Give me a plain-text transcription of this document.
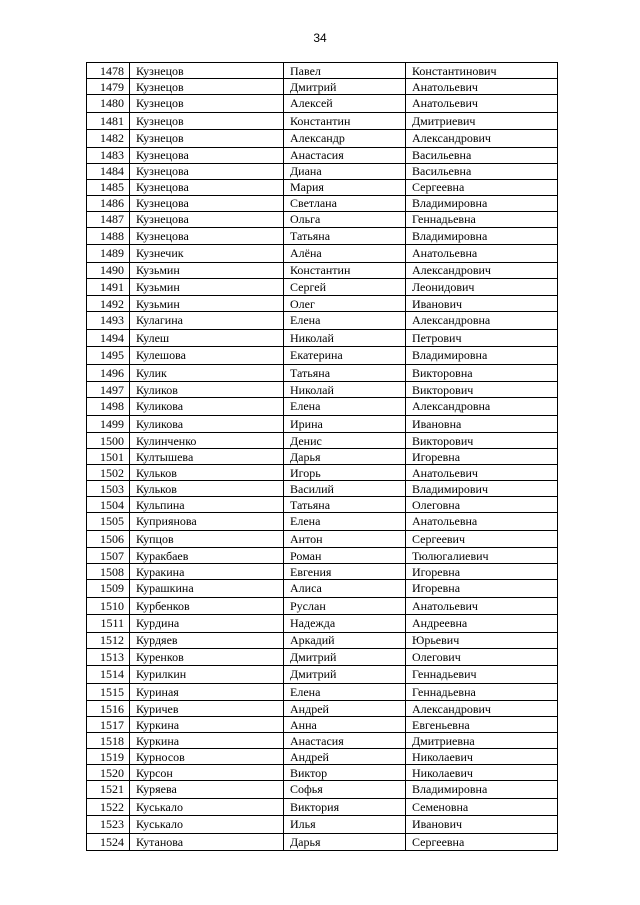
34
1478	Кузнецов	Павел	Константинович
1479	Кузнецов	Дмитрий	Анатольевич
1480	Кузнецов	Алексей	Анатольевич
1481	Кузнецов	Константин	Дмитриевич
1482	Кузнецов	Александр	Александрович
1483	Кузнецова	Анастасия	Васильевна
1484	Кузнецова	Диана	Васильевна
1485	Кузнецова	Мария	Сергеевна
1486	Кузнецова	Светлана	Владимировна
1487	Кузнецова	Ольга	Геннадьевна
1488	Кузнецова	Татьяна	Владимировна
1489	Кузнечик	Алёна	Анатольевна
1490	Кузьмин	Константин	Александрович
1491	Кузьмин	Сергей	Леонидович
1492	Кузьмин	Олег	Иванович
1493	Кулагина	Елена	Александровна
1494	Кулеш	Николай	Петрович
1495	Кулешова	Екатерина	Владимировна
1496	Кулик	Татьяна	Викторовна
1497	Куликов	Николай	Викторович
1498	Куликова	Елена	Александровна
1499	Куликова	Ирина	Ивановна
1500	Кулинченко	Денис	Викторович
1501	Култышева	Дарья	Игоревна
1502	Кульков	Игорь	Анатольевич
1503	Кульков	Василий	Владимирович
1504	Кульпина	Татьяна	Олеговна
1505	Куприянова	Елена	Анатольевна
1506	Купцов	Антон	Сергеевич
1507	Куракбаев	Роман	Тюлюгалиевич
1508	Куракина	Евгения	Игоревна
1509	Курашкина	Алиса	Игоревна
1510	Курбенков	Руслан	Анатольевич
1511	Курдина	Надежда	Андреевна
1512	Курдяев	Аркадий	Юрьевич
1513	Куренков	Дмитрий	Олегович
1514	Курилкин	Дмитрий	Геннадьевич
1515	Куриная	Елена	Геннадьевна
1516	Куричев	Андрей	Александрович
1517	Куркина	Анна	Евгеньевна
1518	Куркина	Анастасия	Дмитриевна
1519	Курносов	Андрей	Николаевич
1520	Курсон	Виктор	Николаевич
1521	Куряева	Софья	Владимировна
1522	Куськало	Виктория	Семеновна
1523	Куськало	Илья	Иванович
1524	Кутанова	Дарья	Сергеевна
